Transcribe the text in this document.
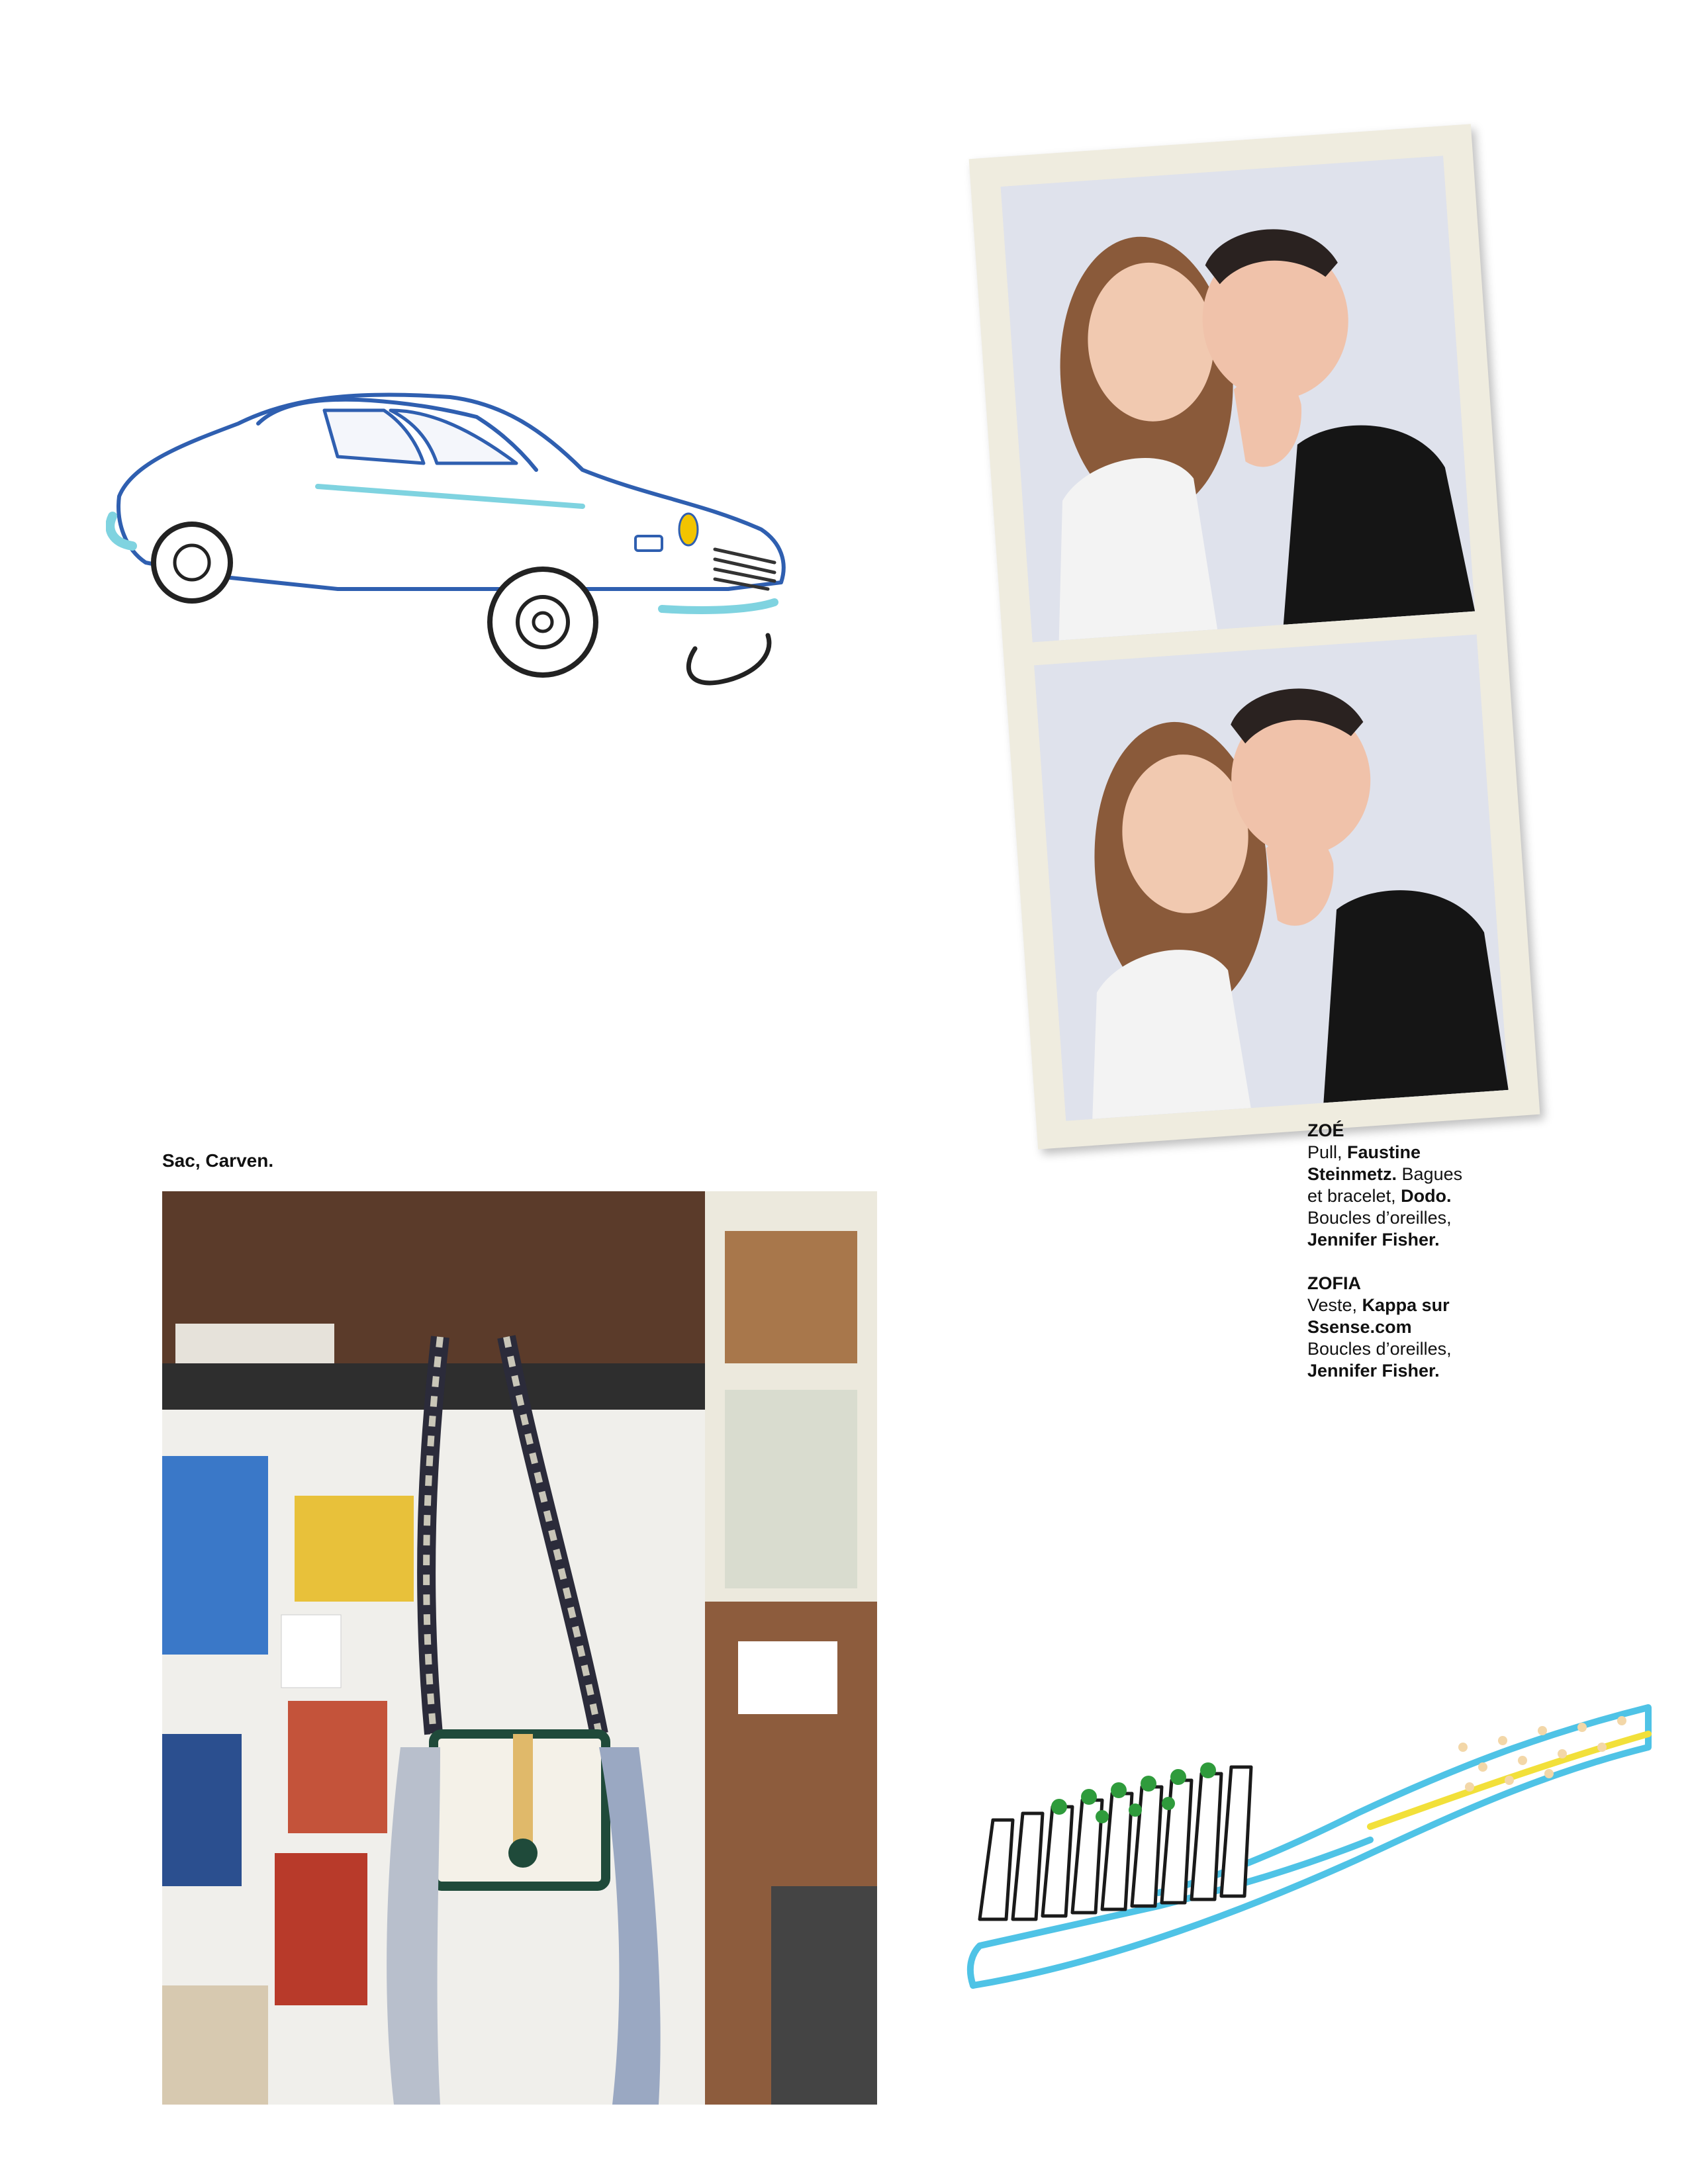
ZOÉ
Pull, Faustine
Steinmetz. Bagues
et bracelet, Dodo.
Boucles d’oreilles,
Jennifer Fisher.
ZOFIA
Veste, Kappa sur
Ssense.com
Boucles d’oreilles,
Jennifer Fisher.
Sac, Carven.
